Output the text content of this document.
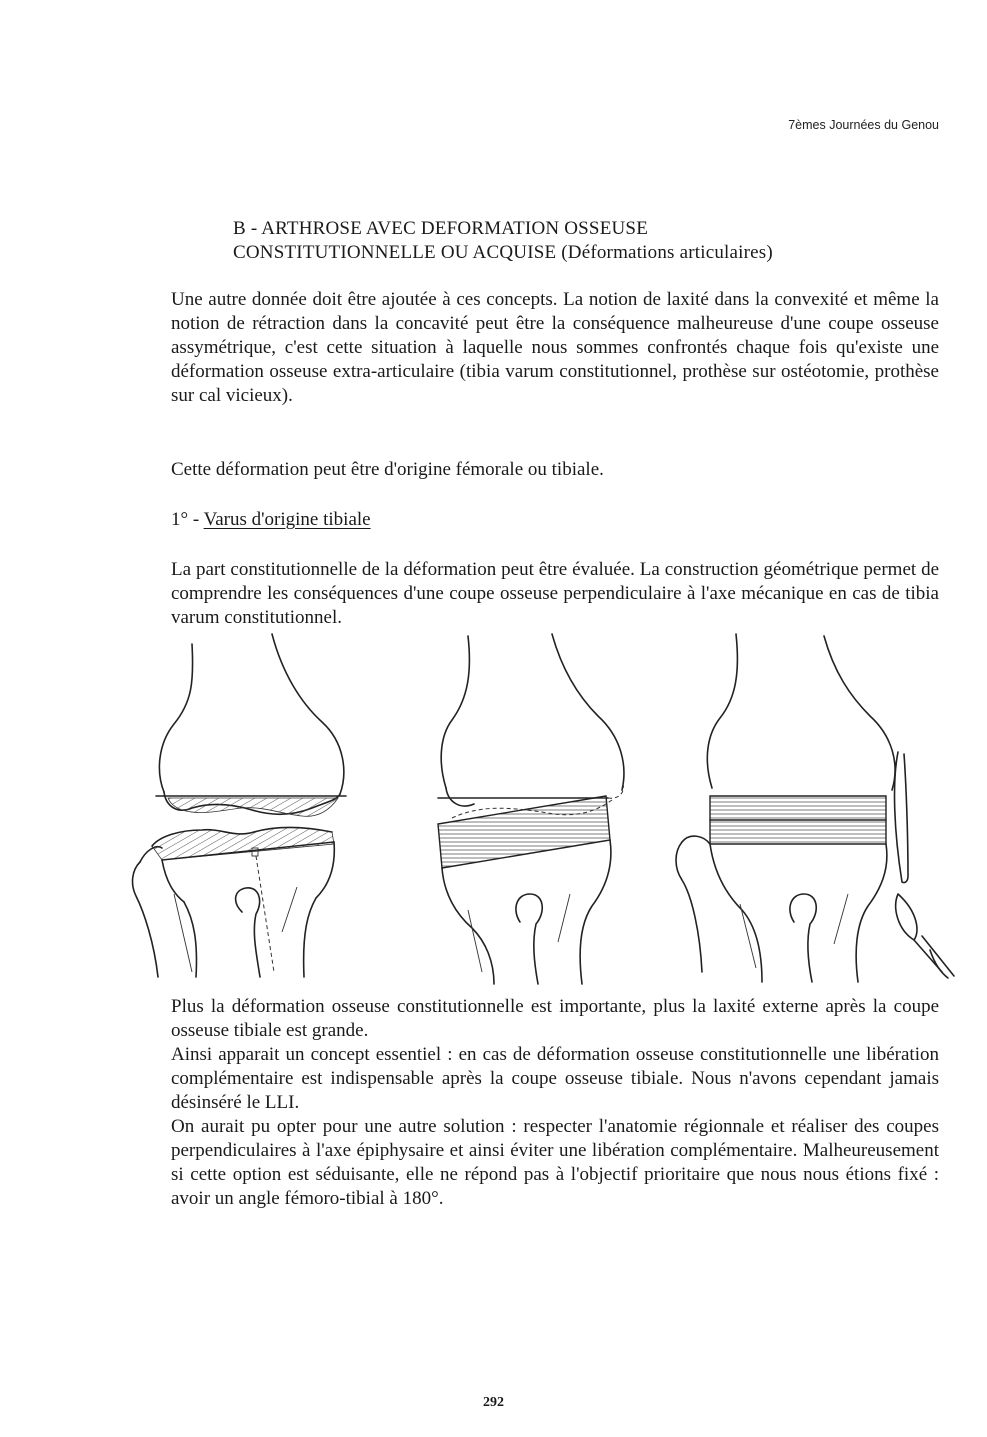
7èmes Journées du Genou
B - ARTHROSE AVEC DEFORMATION OSSEUSE
CONSTITUTIONNELLE OU ACQUISE (Déformations articulaires)
Une autre donnée doit être ajoutée à ces concepts. La notion de laxité dans la convexité et même la notion de rétraction dans la concavité peut être la conséquence malheureuse d'une coupe osseuse assymétrique, c'est cette situation à laquelle nous sommes confrontés chaque fois qu'existe une déformation osseuse extra-articulaire (tibia varum constitutionnel, prothèse sur ostéotomie, prothèse sur cal vicieux).
Cette déformation peut être d'origine fémorale ou tibiale.
1° - Varus d'origine tibiale
La part constitutionnelle de la déformation peut être évaluée. La construction géométrique permet de comprendre les conséquences d'une coupe osseuse perpendiculaire à l'axe mécanique en cas de tibia varum constitutionnel.
Plus la déformation osseuse constitutionnelle est importante, plus la laxité externe après la coupe osseuse tibiale est grande.
Ainsi apparait un concept essentiel : en cas de déformation osseuse constitutionnelle une libération complémentaire est indispensable après la coupe osseuse tibiale. Nous n'avons cependant jamais désinséré le LLI.
On aurait pu opter pour une autre solution : respecter l'anatomie régionnale et réaliser des coupes perpendiculaires à l'axe épiphysaire et ainsi éviter une libération complémentaire. Malheureusement si cette option est séduisante, elle ne répond pas à l'objectif prioritaire que nous nous étions fixé : avoir un angle fémoro-tibial à 180°.
292
